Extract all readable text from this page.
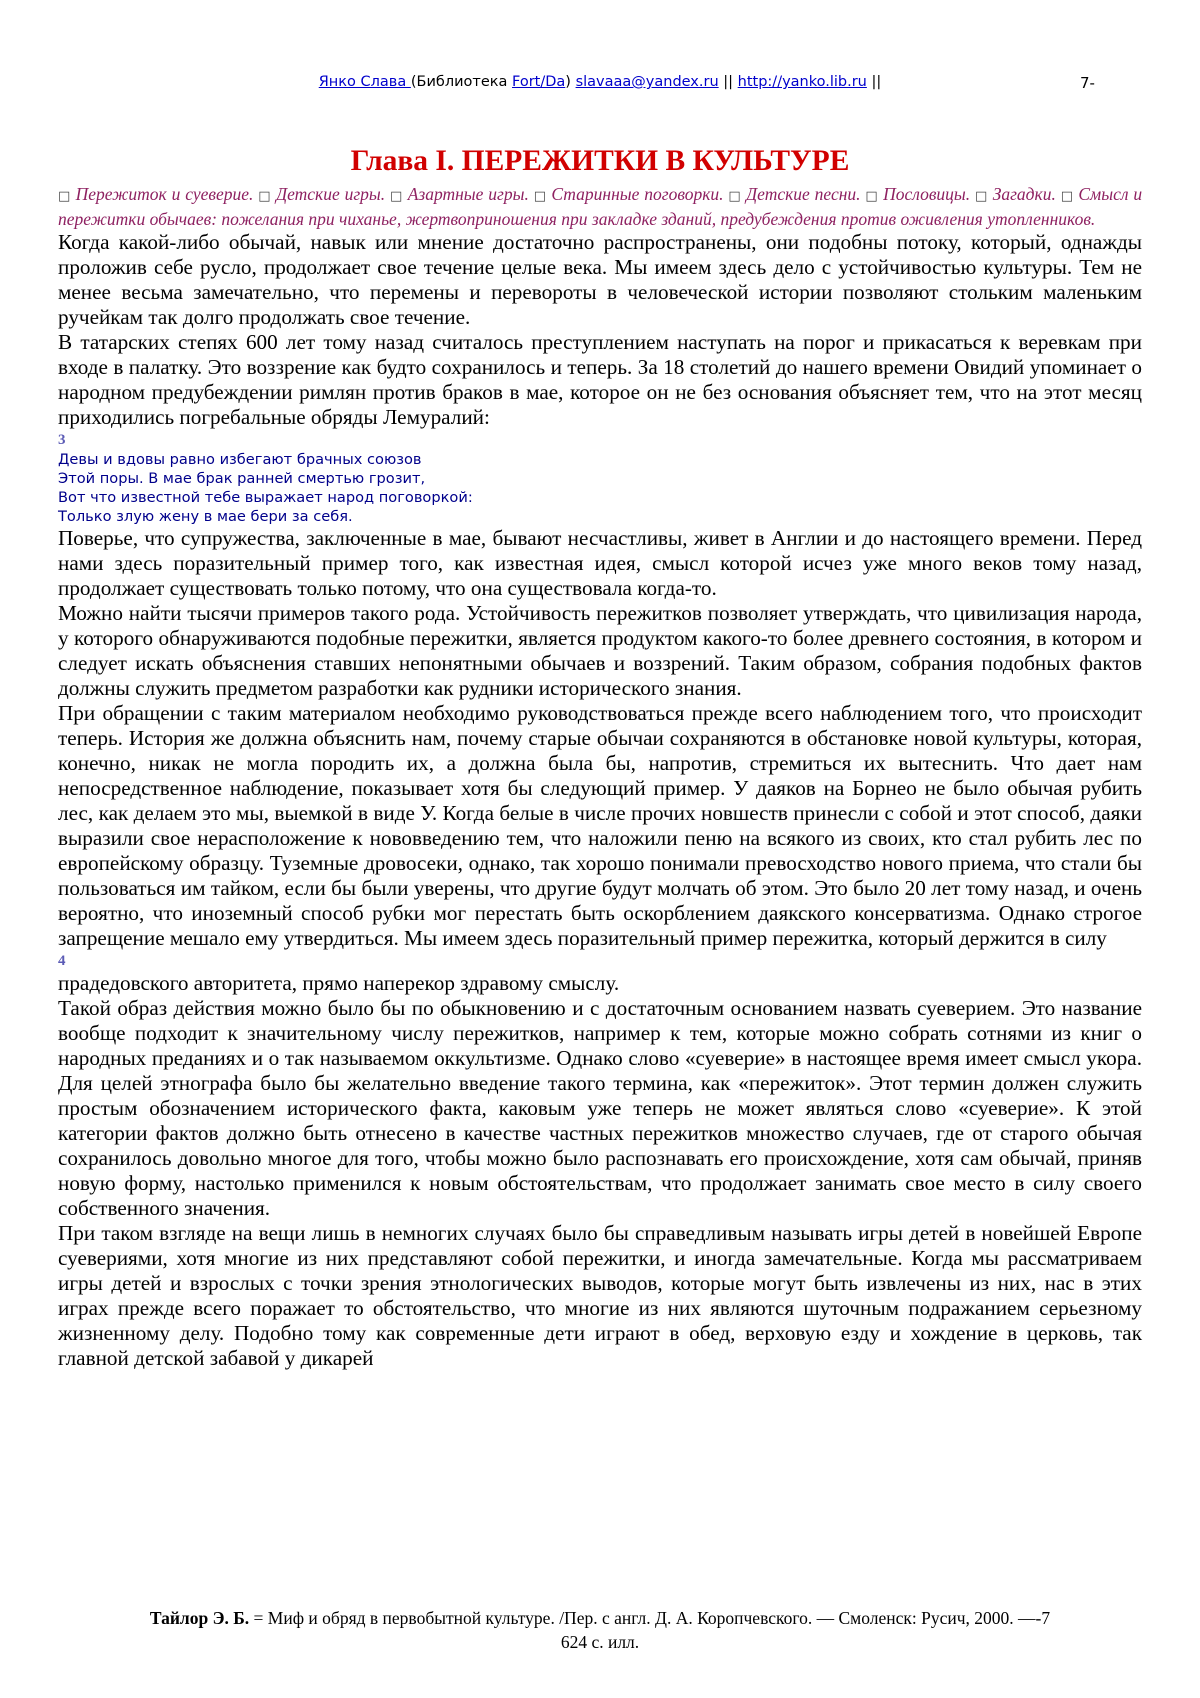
Янко Слава (Библиотека Fort/Da) slavaaa@yandex.ru || http://yanko.lib.ru ||	7-
Глава I. ПЕРЕЖИТКИ В КУЛЬТУРЕ
□ Пережиток и суеверие. □ Детские игры. □ Азартные игры. □ Старинные поговорки. □ Детские песни. □ Пословицы. □ Загадки. □ Смысл и пережитки обычаев: пожелания при чиханье, жертвоприношения при закладке зданий, предубеждения против оживления утопленников.

Когда какой-либо обычай, навык или мнение достаточно распространены, они подобны потоку, который, однажды проложив себе русло, продолжает свое течение целые века. Мы имеем здесь дело с устойчивостью культуры. Тем не менее весьма замечательно, что перемены и перевороты в человеческой истории позволяют стольким маленьким ручейкам так долго продолжать свое течение.

В татарских степях 600 лет тому назад считалось преступлением наступать на порог и прикасаться к веревкам при входе в палатку. Это воззрение как будто сохранилось и теперь. За 18 столетий до нашего времени Овидий упоминает о народном предубеждении римлян против браков в мае, которое он не без основания объясняет тем, что на этот месяц приходились погребальные обряды Лемуралий:

3
Девы и вдовы равно избегают брачных союзов
Этой поры. В мае брак ранней смертью грозит,
Вот что известной тебе выражает народ поговоркой:
Только злую жену в мае бери за себя.

Поверье, что супружества, заключенные в мае, бывают несчастливы, живет в Англии и до настоящего времени. Перед нами здесь поразительный пример того, как известная идея, смысл которой исчез уже много веков тому назад, продолжает существовать только потому, что она существовала когда-то.

Можно найти тысячи примеров такого рода. Устойчивость пережитков позволяет утверждать, что цивилизация народа, у которого обнаруживаются подобные пережитки, является продуктом какого-то более древнего состояния, в котором и следует искать объяснения ставших непонятными обычаев и воззрений. Таким образом, собрания подобных фактов должны служить предметом разработки как рудники исторического знания.

При обращении с таким материалом необходимо руководствоваться прежде всего наблюдением того, что происходит теперь. История же должна объяснить нам, почему старые обычаи сохраняются в обстановке новой культуры, которая, конечно, никак не могла породить их, а должна была бы, напротив, стремиться их вытеснить. Что дает нам непосредственное наблюдение, показывает хотя бы следующий пример. У даяков на Борнео не было обычая рубить лес, как делаем это мы, выемкой в виде У. Когда белые в числе прочих новшеств принесли с собой и этот способ, даяки выразили свое нерасположение к нововведению тем, что наложили пеню на всякого из своих, кто стал рубить лес по европейскому образцу. Туземные дровосеки, однако, так хорошо понимали превосходство нового приема, что стали бы пользоваться им тайком, если бы были уверены, что другие будут молчать об этом. Это было 20 лет тому назад, и очень вероятно, что иноземный способ рубки мог перестать быть оскорблением даякского консерватизма. Однако строгое запрещение мешало ему утвердиться. Мы имеем здесь поразительный пример пережитка, который держится в силу

4

прадедовского авторитета, прямо наперекор здравому смыслу.

Такой образ действия можно было бы по обыкновению и с достаточным основанием назвать суеверием. Это название вообще подходит к значительному числу пережитков, например к тем, которые можно собрать сотнями из книг о народных преданиях и о так называемом оккультизме. Однако слово «суеверие» в настоящее время имеет смысл укора. Для целей этнографа было бы желательно введение такого термина, как «пережиток». Этот термин должен служить простым обозначением исторического факта, каковым уже теперь не может являться слово «суеверие». К этой категории фактов должно быть отнесено в качестве частных пережитков множество случаев, где от старого обычая сохранилось довольно многое для того, чтобы можно было распознавать его происхождение, хотя сам обычай, приняв новую форму, настолько применился к новым обстоятельствам, что продолжает занимать свое место в силу своего собственного значения.

При таком взгляде на вещи лишь в немногих случаях было бы справедливым называть игры детей в новейшей Европе суевериями, хотя многие из них представляют собой пережитки, и иногда замечательные. Когда мы рассматриваем игры детей и взрослых с точки зрения этнологических выводов, которые могут быть извлечены из них, нас в этих играх прежде всего поражает то обстоятельство, что многие из них являются шуточным подражанием серьезному жизненному делу. Подобно тому как современные дети играют в обед, верховую езду и хождение в церковь, так главной детской забавой у дикарей

Тайлор Э. Б. = Миф и обряд в первобытной культуре. /Пер. с англ. Д. А. Коропчевского. — Смоленск: Русич, 2000. —-7
624 с. илл.
